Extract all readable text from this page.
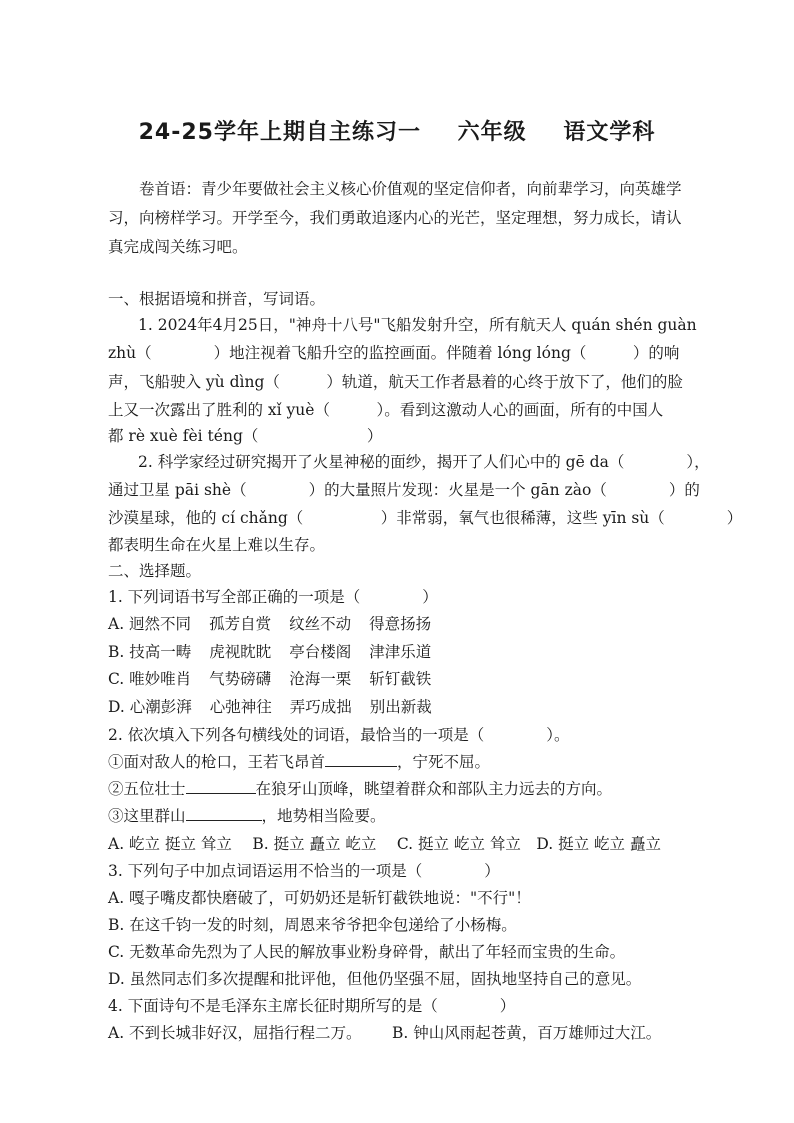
24-25学年上期自主练习一 六年级 语文学科
卷首语：青少年要做社会主义核心价值观的坚定信仰者，向前辈学习，向英雄学习，向榜样学习。开学至今，我们勇敢追逐内心的光芒，坚定理想，努力成长，请认真完成闯关练习吧。
一、根据语境和拼音，写词语。
1. 2024年4月25日，"神舟十八号"飞船发射升空，所有航天人 quán shén guàn
zhù（　　　　）地注视着飞船升空的监控画面。伴随着 lóng lóng（　　　）的响
声，飞船驶入 yù dìng（　　　）轨道，航天工作者悬着的心终于放下了，他们的脸
上又一次露出了胜利的 xǐ yuè（　　　）。看到这激动人心的画面，所有的中国人
都 rè xuè fèi téng（　　　　　　　）
2. 科学家经过研究揭开了火星神秘的面纱，揭开了人们心中的 gē da（　　　　），
通过卫星 pāi shè（　　　　）的大量照片发现：火星是一个 gān zào（　　　　）的
沙漠星球，他的 cí chǎng（　　　　　）非常弱，氧气也很稀薄，这些 yīn sù（　　　　）
都表明生命在火星上难以生存。
二、选择题。
1. 下列词语书写全部正确的一项是（　　　　）
A. 迥然不同 孤芳自赏 纹丝不动 得意扬扬
B. 技高一畴 虎视眈眈 亭台楼阁 津津乐道
C. 唯妙唯肖 气势磅礴 沧海一栗 斩钉截铁
D. 心潮彭湃 心弛神往 弄巧成拙 别出新裁
2. 依次填入下列各句横线处的词语，最恰当的一项是（　　　　）。
①面对敌人的枪口，王若飞昂首	，宁死不屈。
②五位壮士	在狼牙山顶峰，眺望着群众和部队主力远去的方向。
③这里群山	，地势相当险要。
A. 屹立 挺立 耸立　 B. 挺立 矗立 屹立　 C. 挺立 屹立 耸立　D. 挺立 屹立 矗立
3. 下列句子中加点词语运用不恰当的一项是（　　　　）
A. 嘎子嘴皮都快磨破了，可奶奶还是斩钉截铁地说："不行"！
B. 在这千钧一发的时刻，周恩来爷爷把伞包递给了小杨梅。
C. 无数革命先烈为了人民的解放事业粉身碎骨，献出了年轻而宝贵的生命。
D. 虽然同志们多次提醒和批评他，但他仍坚强不屈，固执地坚持自己的意见。
4. 下面诗句不是毛泽东主席长征时期所写的是（　　　　）
A. 不到长城非好汉，屈指行程二万。 B. 钟山风雨起苍黄，百万雄师过大江。
